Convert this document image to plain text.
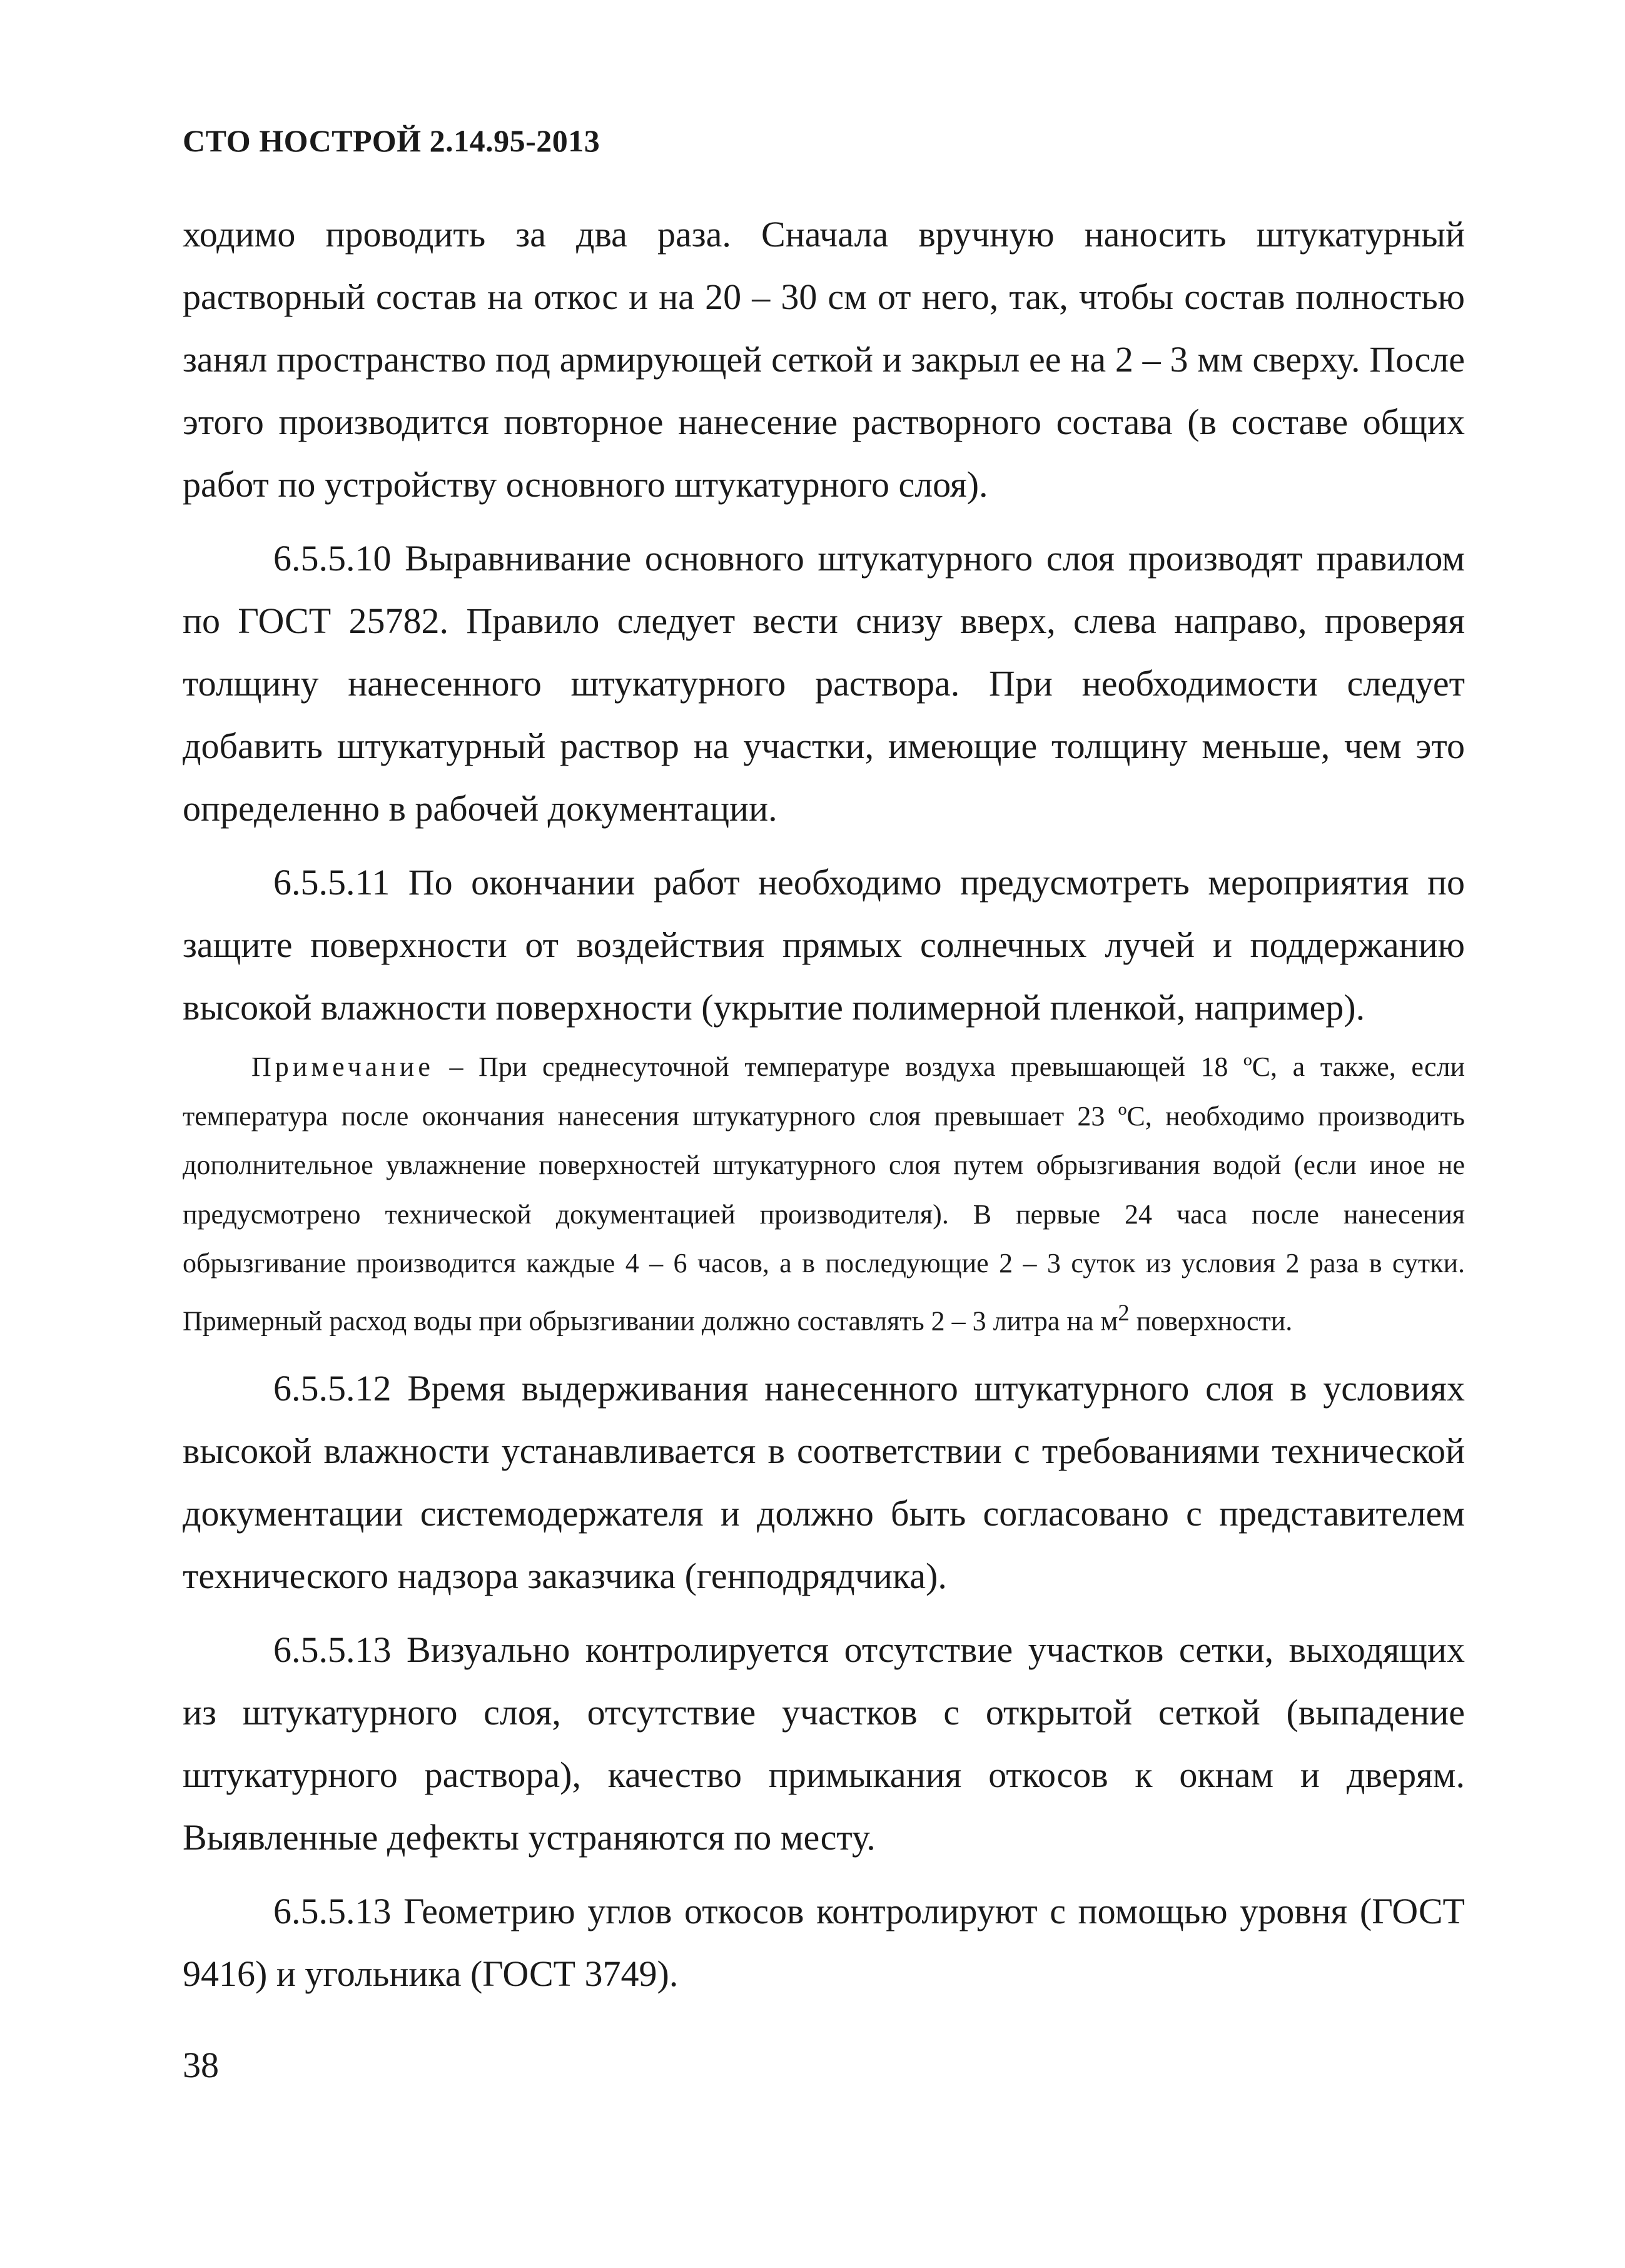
СТО НОСТРОЙ 2.14.95-2013

ходимо проводить за два раза. Сначала вручную наносить штукатурный растворный состав на откос и на 20 – 30 см от него, так, чтобы состав полностью занял пространство под армирующей сеткой и закрыл ее на 2 – 3 мм сверху. После этого производится повторное нанесение растворного состава (в составе общих работ по устройству основного штукатурного слоя).

6.5.5.10 Выравнивание основного штукатурного слоя производят правилом по ГОСТ 25782. Правило следует вести снизу вверх, слева направо, проверяя толщину нанесенного штукатурного раствора. При необходимости следует добавить штукатурный раствор на участки, имеющие толщину меньше, чем это определенно в рабочей документации.

6.5.5.11 По окончании работ необходимо предусмотреть мероприятия по защите поверхности от воздействия прямых солнечных лучей и поддержанию высокой влажности поверхности (укрытие полимерной пленкой, например).

Примечание – При среднесуточной температуре воздуха превышающей 18 ºС, а также, если температура после окончания нанесения штукатурного слоя превышает 23 ºС, необходимо производить дополнительное увлажнение поверхностей штукатурного слоя путем обрызгивания водой (если иное не предусмотрено технической документацией производителя). В первые 24 часа после нанесения обрызгивание производится каждые 4 – 6 часов, а в последующие 2 – 3 суток из условия 2 раза в сутки. Примерный расход воды при обрызгивании должно составлять 2 – 3 литра на $м^2$ поверхности.

6.5.5.12 Время выдерживания нанесенного штукатурного слоя в условиях высокой влажности устанавливается в соответствии с требованиями технической документации системодержателя и должно быть согласовано с представителем технического надзора заказчика (генподрядчика).

6.5.5.13 Визуально контролируется отсутствие участков сетки, выходящих из штукатурного слоя, отсутствие участков с открытой сеткой (выпадение штукатурного раствора), качество примыкания откосов к окнам и дверям. Выявленные дефекты устраняются по месту.

6.5.5.13 Геометрию углов откосов контролируют с помощью уровня (ГОСТ 9416) и угольника (ГОСТ 3749).

38
